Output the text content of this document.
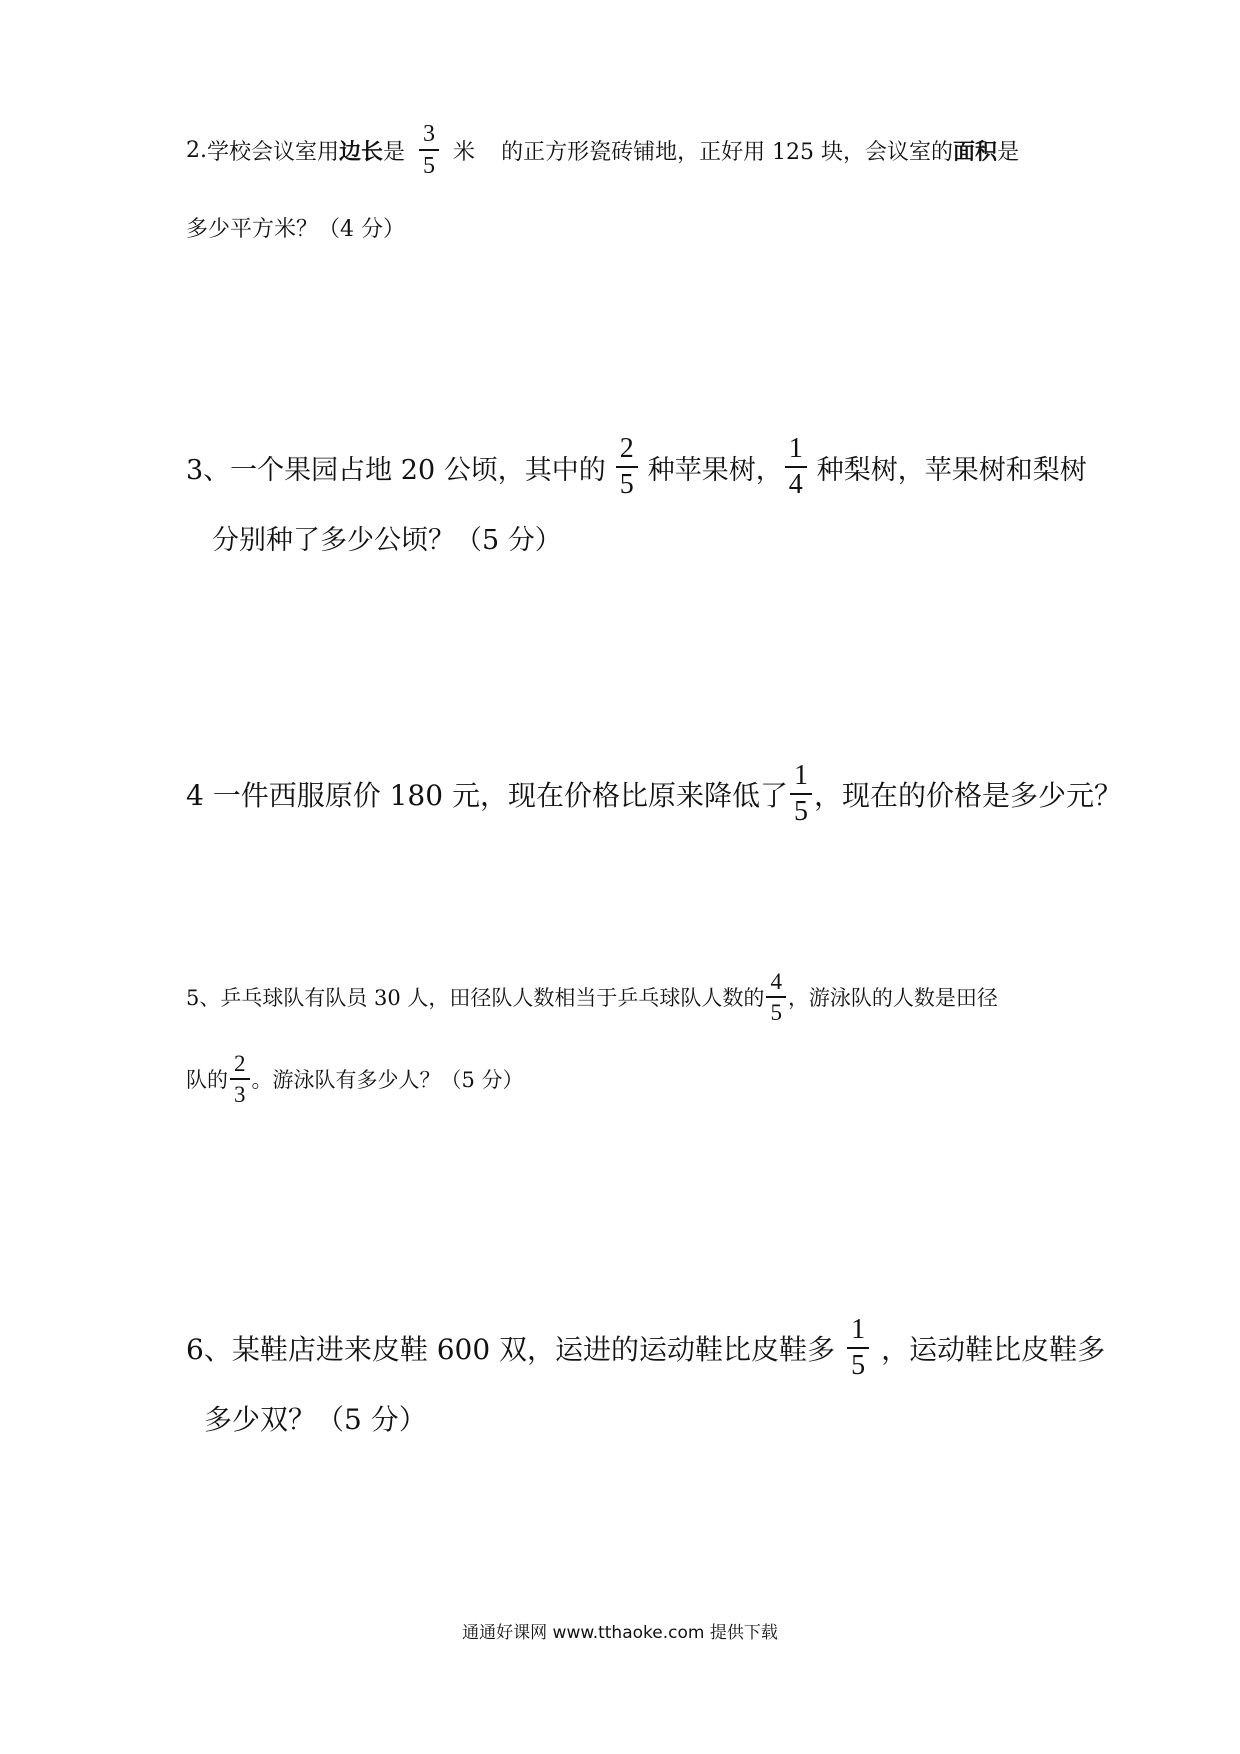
2. 学校会议室用 边长 是 $\frac{3}{5}$ 米 的正方形瓷砖铺地，正好用 125 块，会议室的 面积 是
多少平方米？（4 分）
3、一个果园占地 20 公顷，其中的 $\frac{2}{5}$ 种苹果树， $\frac{1}{4}$ 种梨树，苹果树和梨树
分别种了多少公顷？（5 分）
4 一件西服原价 180 元，现在价格比原来降低了 $\frac{1}{5}$ ，现在的价格是多少元？
5、乒乓球队有队员 30 人，田径队人数相当于乒乓球队人数的 $\frac{4}{5}$ ，游泳队的人数是田径
队的 $\frac{2}{3}$ 。游泳队有多少人？（5 分）
6、某鞋店进来皮鞋 600 双，运进的运动鞋比皮鞋多 $\frac{1}{5}$ ，运动鞋比皮鞋多
多少双？（5 分）
通通好课网 www.tthaoke.com 提供下载
